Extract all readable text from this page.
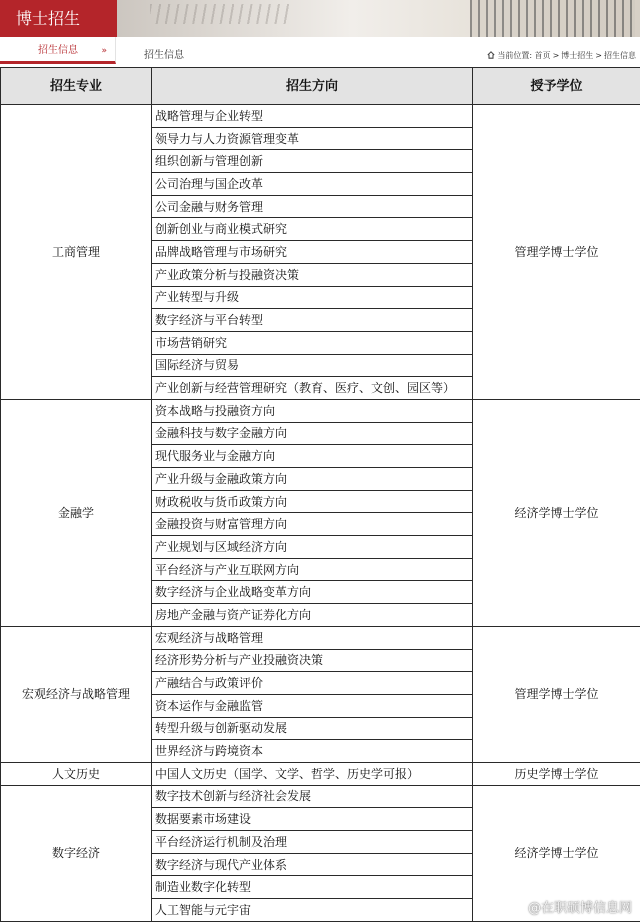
博士招生
招生信息	»	招生信息	当前位置: 首页 > 博士招生 > 招生信息
招生专业	招生方向	授予学位
工商管理	战略管理与企业转型	管理学博士学位
	领导力与人力资源管理变革	
	组织创新与管理创新	
	公司治理与国企改革	
	公司金融与财务管理	
	创新创业与商业模式研究	
	品牌战略管理与市场研究	
	产业政策分析与投融资决策	
	产业转型与升级	
	数字经济与平台转型	
	市场营销研究	
	国际经济与贸易	
	产业创新与经营管理研究（教育、医疗、文创、园区等）	
金融学	资本战略与投融资方向	经济学博士学位
	金融科技与数字金融方向	
	现代服务业与金融方向	
	产业升级与金融政策方向	
	财政税收与货币政策方向	
	金融投资与财富管理方向	
	产业规划与区域经济方向	
	平台经济与产业互联网方向	
	数字经济与企业战略变革方向	
	房地产金融与资产证券化方向	
宏观经济与战略管理	宏观经济与战略管理	管理学博士学位
	经济形势分析与产业投融资决策	
	产融结合与政策评价	
	资本运作与金融监管	
	转型升级与创新驱动发展	
	世界经济与跨境资本	
人文历史	中国人文历史（国学、文学、哲学、历史学可报）	历史学博士学位
数字经济	数字技术创新与经济社会发展	经济学博士学位
	数据要素市场建设	
	平台经济运行机制及治理	
	数字经济与现代产业体系	
	制造业数字化转型	
	人工智能与元宇宙		@在职硕博信息网
